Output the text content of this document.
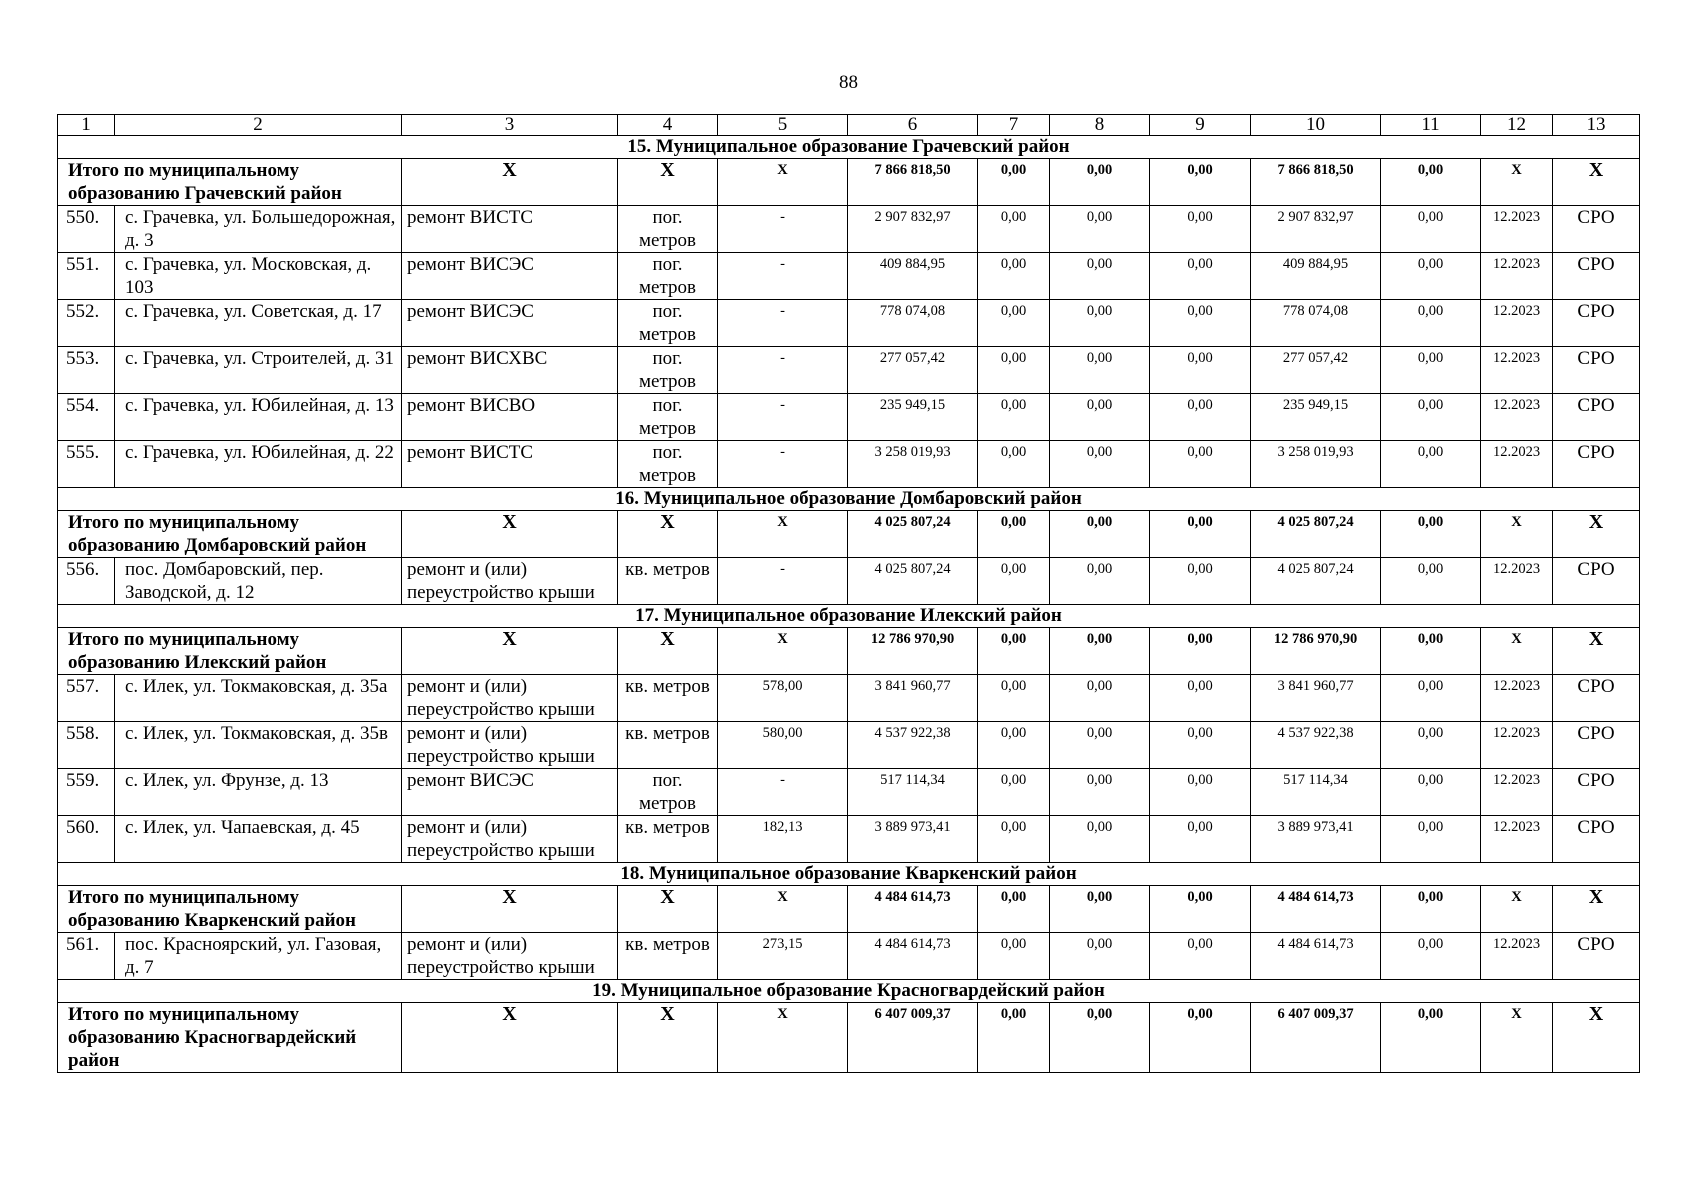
88
1	2	3	4	5	6	7	8	9	10	11	12	13
15. Муниципальное образование Грачевский район												
Итого по муниципальному образованию Грачевский район		Х	Х	Х	7 866 818,50	0,00	0,00	0,00	7 866 818,50	0,00	Х	Х
550.	с. Грачевка, ул. Большедорожная, д. 3	ремонт ВИСТС	пог. метров	-	2 907 832,97	0,00	0,00	0,00	2 907 832,97	0,00	12.2023	СРО
551.	с. Грачевка, ул. Московская, д. 103	ремонт ВИСЭС	пог. метров	-	409 884,95	0,00	0,00	0,00	409 884,95	0,00	12.2023	СРО
552.	с. Грачевка, ул. Советская, д. 17	ремонт ВИСЭС	пог. метров	-	778 074,08	0,00	0,00	0,00	778 074,08	0,00	12.2023	СРО
553.	с. Грачевка, ул. Строителей, д. 31	ремонт ВИСХВС	пог. метров	-	277 057,42	0,00	0,00	0,00	277 057,42	0,00	12.2023	СРО
554.	с. Грачевка, ул. Юбилейная, д. 13	ремонт ВИСВО	пог. метров	-	235 949,15	0,00	0,00	0,00	235 949,15	0,00	12.2023	СРО
555.	с. Грачевка, ул. Юбилейная, д. 22	ремонт ВИСТС	пог. метров	-	3 258 019,93	0,00	0,00	0,00	3 258 019,93	0,00	12.2023	СРО
16. Муниципальное образование Домбаровский район												
Итого по муниципальному образованию Домбаровский район		Х	Х	Х	4 025 807,24	0,00	0,00	0,00	4 025 807,24	0,00	Х	Х
556.	пос. Домбаровский, пер. Заводской, д. 12	ремонт и (или) переустройство крыши	кв. метров	-	4 025 807,24	0,00	0,00	0,00	4 025 807,24	0,00	12.2023	СРО
17. Муниципальное образование Илекский район												
Итого по муниципальному образованию Илекский район		Х	Х	Х	12 786 970,90	0,00	0,00	0,00	12 786 970,90	0,00	Х	Х
557.	с. Илек, ул. Токмаковская, д. 35а	ремонт и (или) переустройство крыши	кв. метров	578,00	3 841 960,77	0,00	0,00	0,00	3 841 960,77	0,00	12.2023	СРО
558.	с. Илек, ул. Токмаковская, д. 35в	ремонт и (или) переустройство крыши	кв. метров	580,00	4 537 922,38	0,00	0,00	0,00	4 537 922,38	0,00	12.2023	СРО
559.	с. Илек, ул. Фрунзе, д. 13	ремонт ВИСЭС	пог. метров	-	517 114,34	0,00	0,00	0,00	517 114,34	0,00	12.2023	СРО
560.	с. Илек, ул. Чапаевская, д. 45	ремонт и (или) переустройство крыши	кв. метров	182,13	3 889 973,41	0,00	0,00	0,00	3 889 973,41	0,00	12.2023	СРО
18. Муниципальное образование Кваркенский район												
Итого по муниципальному образованию Кваркенский район		Х	Х	Х	4 484 614,73	0,00	0,00	0,00	4 484 614,73	0,00	Х	Х
561.	пос. Красноярский, ул. Газовая, д. 7	ремонт и (или) переустройство крыши	кв. метров	273,15	4 484 614,73	0,00	0,00	0,00	4 484 614,73	0,00	12.2023	СРО
19. Муниципальное образование Красногвардейский район												
Итого по муниципальному образованию Красногвардейский район		Х	Х	Х	6 407 009,37	0,00	0,00	0,00	6 407 009,37	0,00	Х	Х
